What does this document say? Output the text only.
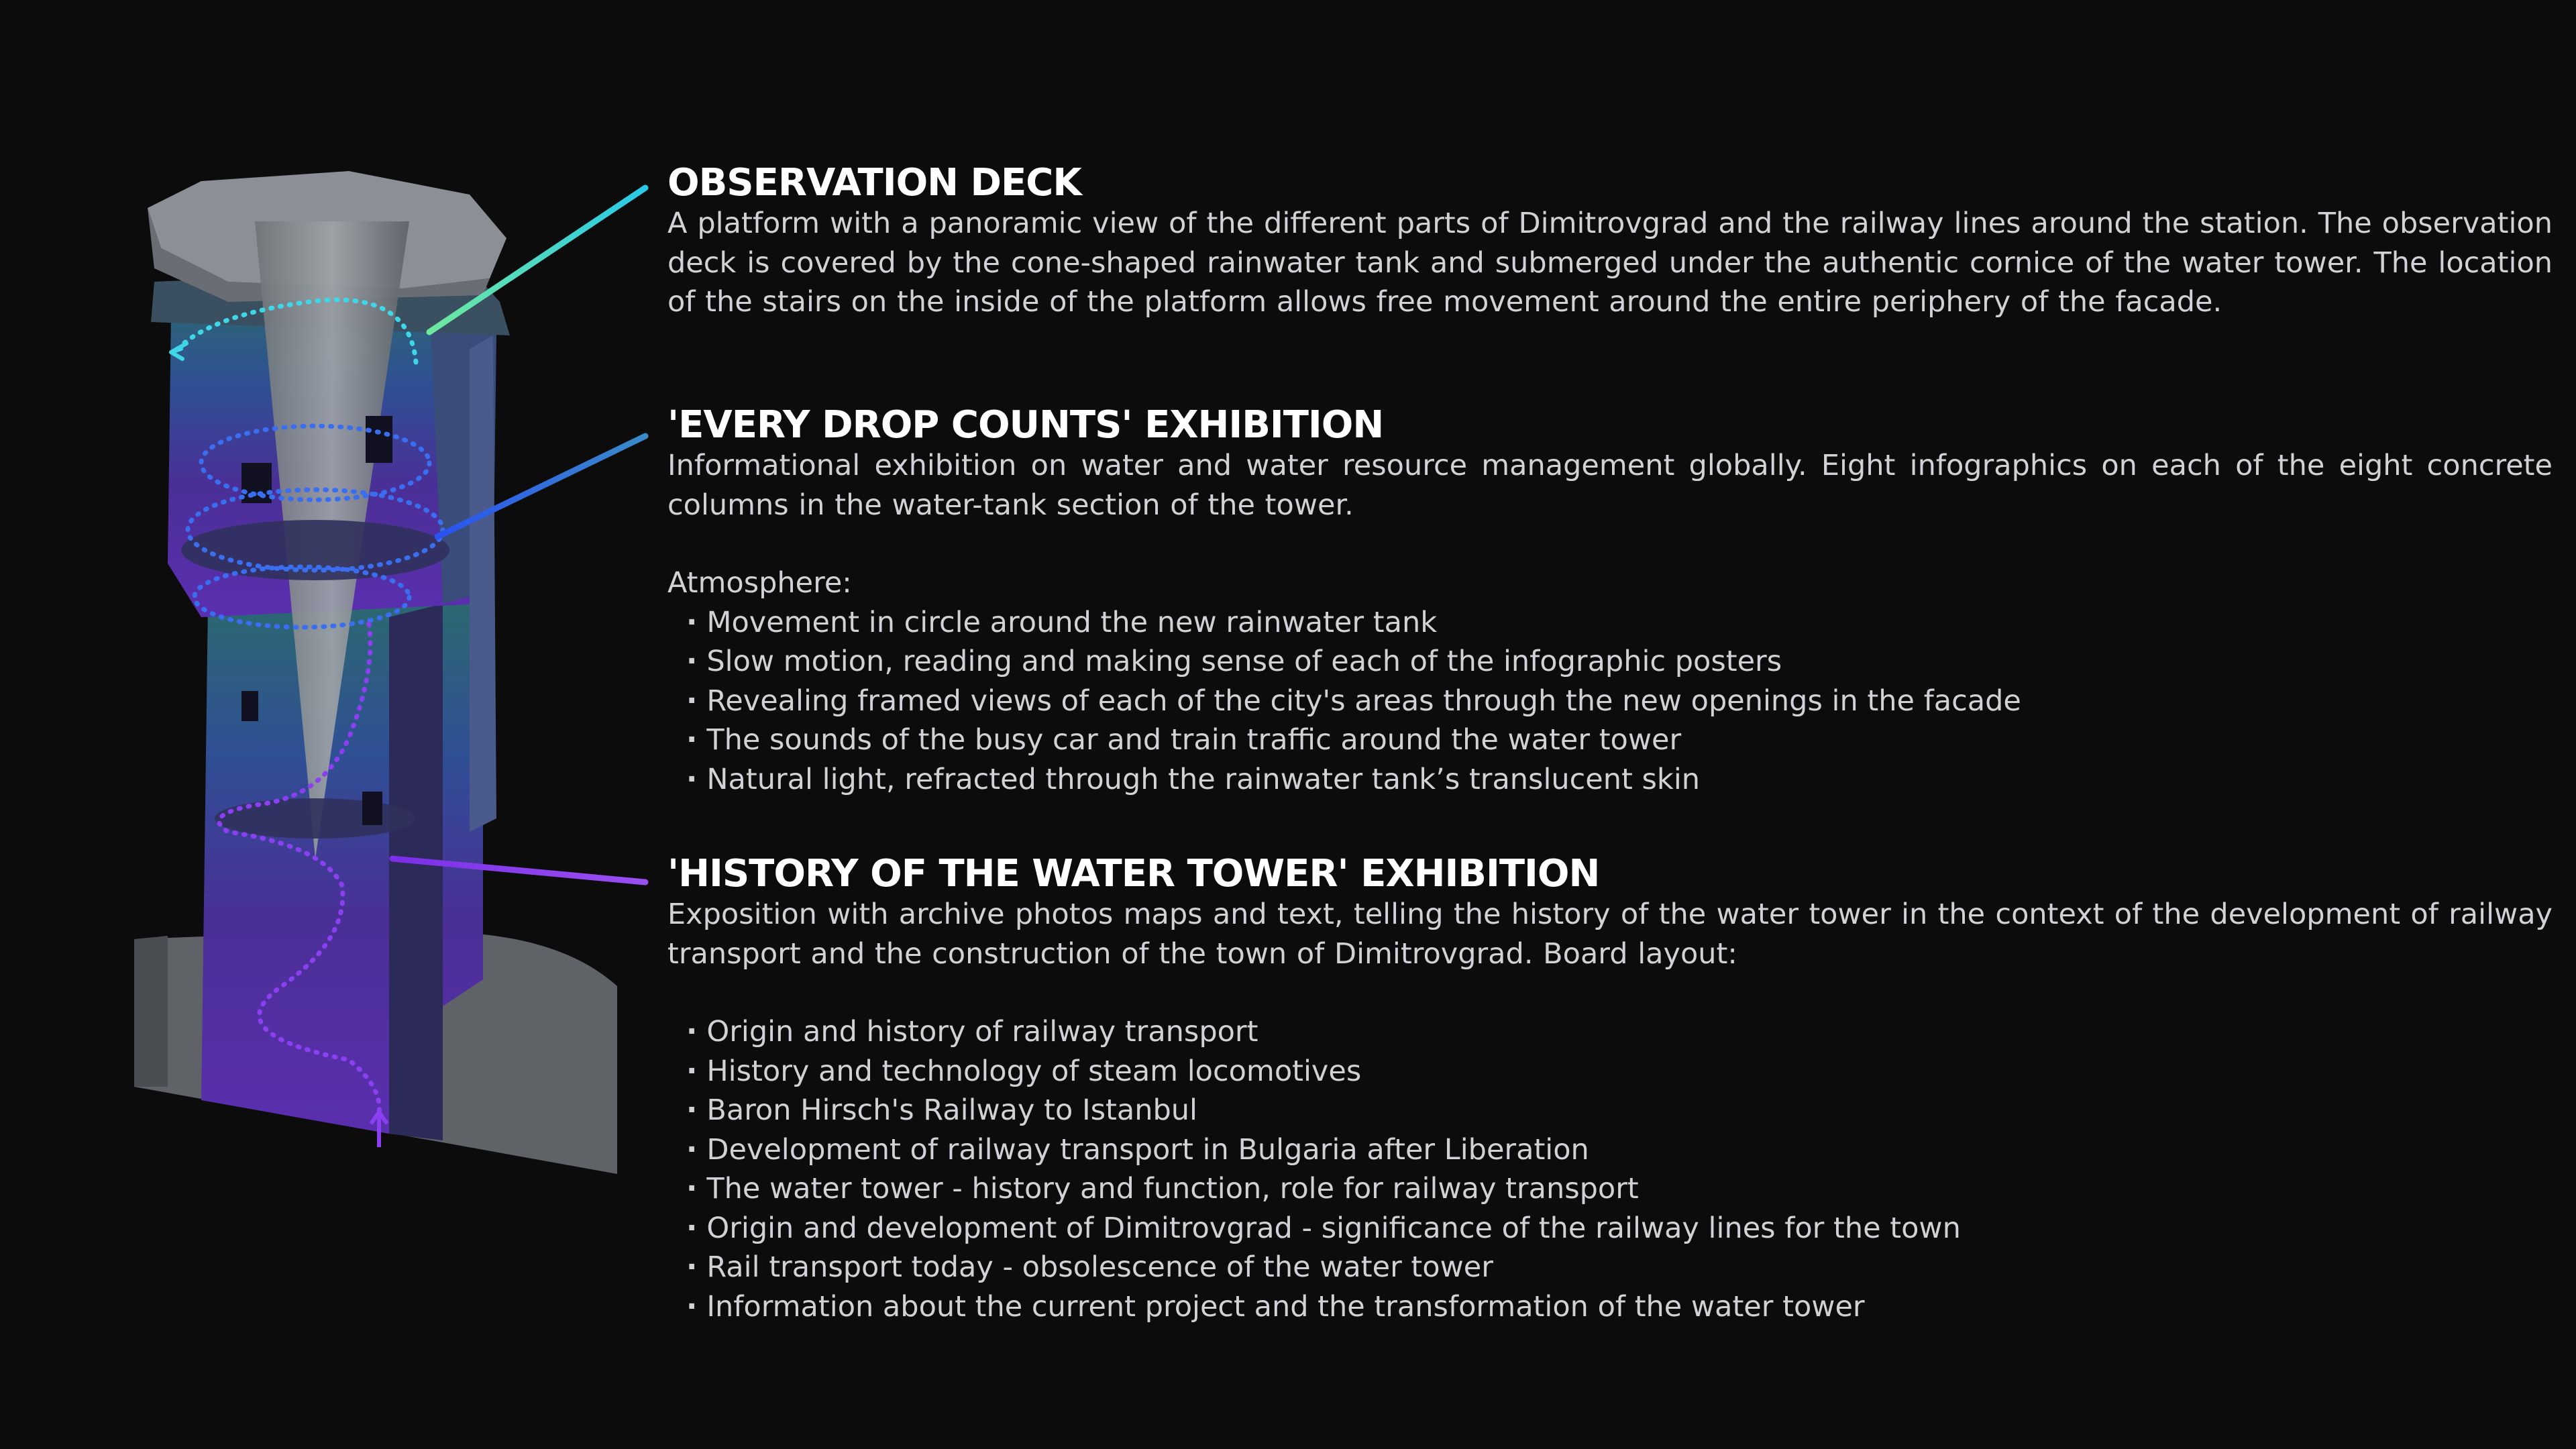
OBSERVATION DECK

A platform with a panoramic view of the different parts of Dimitrovgrad and the railway lines around the station. The observation deck is covered by the cone-shaped rainwater tank and submerged under the authentic cornice of the water tower. The location of the stairs on the inside of the platform allows free movement around the entire periphery of the facade.

'EVERY DROP COUNTS' EXHIBITION

Informational exhibition on water and water resource management globally. Eight infographics on each of the eight concrete columns in the water-tank section of the tower.

Atmosphere:

· Movement in circle around the new rainwater tank
· Slow motion, reading and making sense of each of the infographic posters
· Revealing framed views of each of the city's areas through the new openings in the facade
· The sounds of the busy car and train traffic around the water tower
· Natural light, refracted through the rainwater tank’s translucent skin
'HISTORY OF THE WATER TOWER' EXHIBITION

Exposition with archive photos maps and text, telling the history of the water tower in the context of the development of railway transport and the construction of the town of Dimitrovgrad. Board layout:

· Origin and history of railway transport
· History and technology of steam locomotives
· Baron Hirsch's Railway to Istanbul
· Development of railway transport in Bulgaria after Liberation
· The water tower - history and function, role for railway transport
· Origin and development of Dimitrovgrad - significance of the railway lines for the town
· Rail transport today - obsolescence of the water tower
· Information about the current project and the transformation of the water tower
